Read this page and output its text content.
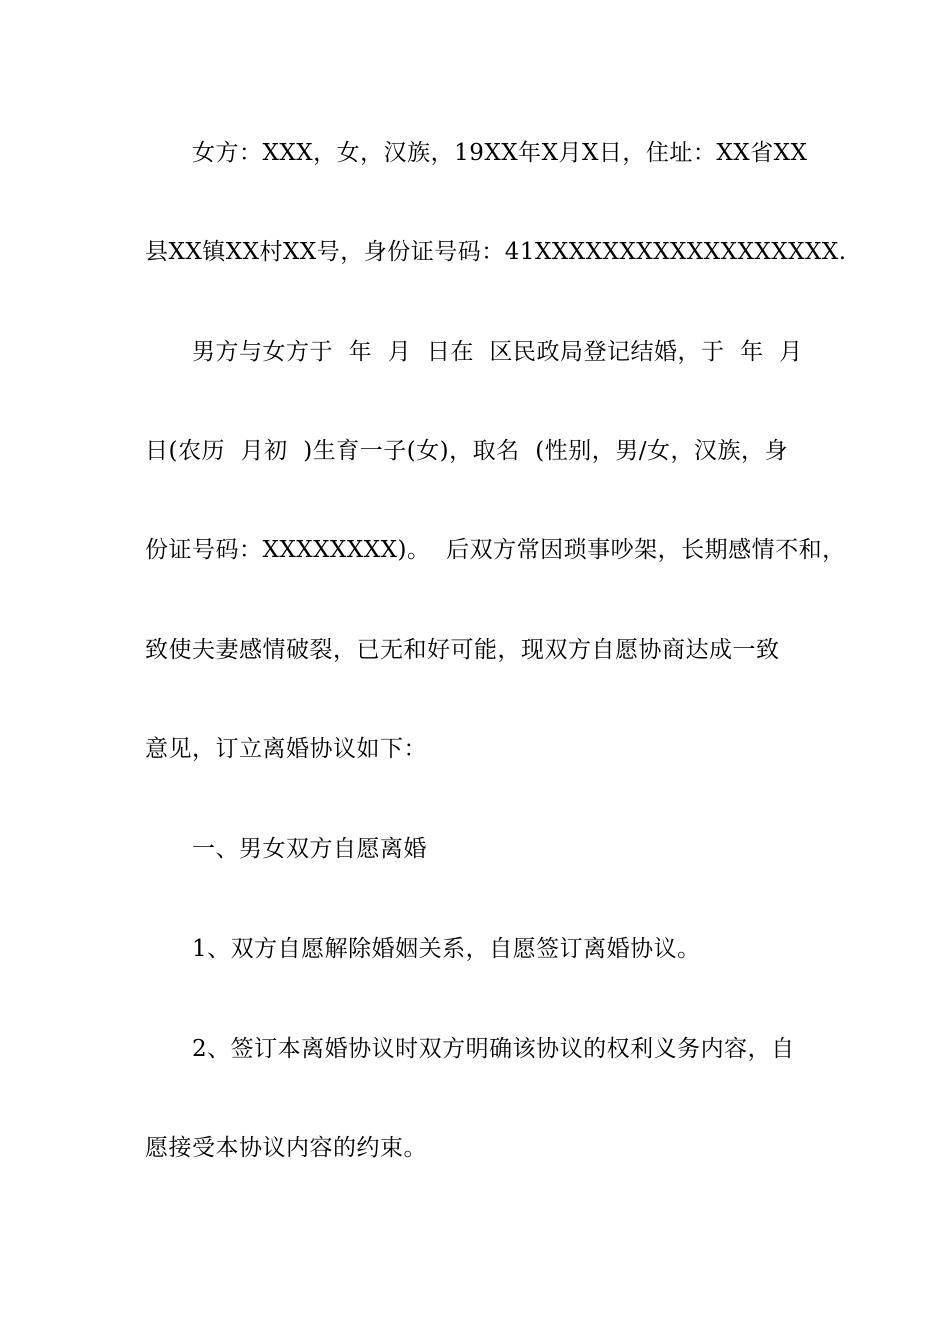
女方：XXX，女，汉族，19XX年X月X日，住址：XX省XX
县XX镇XX村XX号，身份证号码：41XXXXXXXXXXXXXXXXXX.
男方与女方于  年  月  日在  区民政局登记结婚，于  年  月
日(农历  月初  )生育一子(女)，取名  (性别，男/女，汉族，身
份证号码：XXXXXXXX)。  后双方常因琐事吵架，长期感情不和，
致使夫妻感情破裂，已无和好可能，现双方自愿协商达成一致
意见，订立离婚协议如下：
一、男女双方自愿离婚
1、双方自愿解除婚姻关系，自愿签订离婚协议。
2、签订本离婚协议时双方明确该协议的权利义务内容，自
愿接受本协议内容的约束。
